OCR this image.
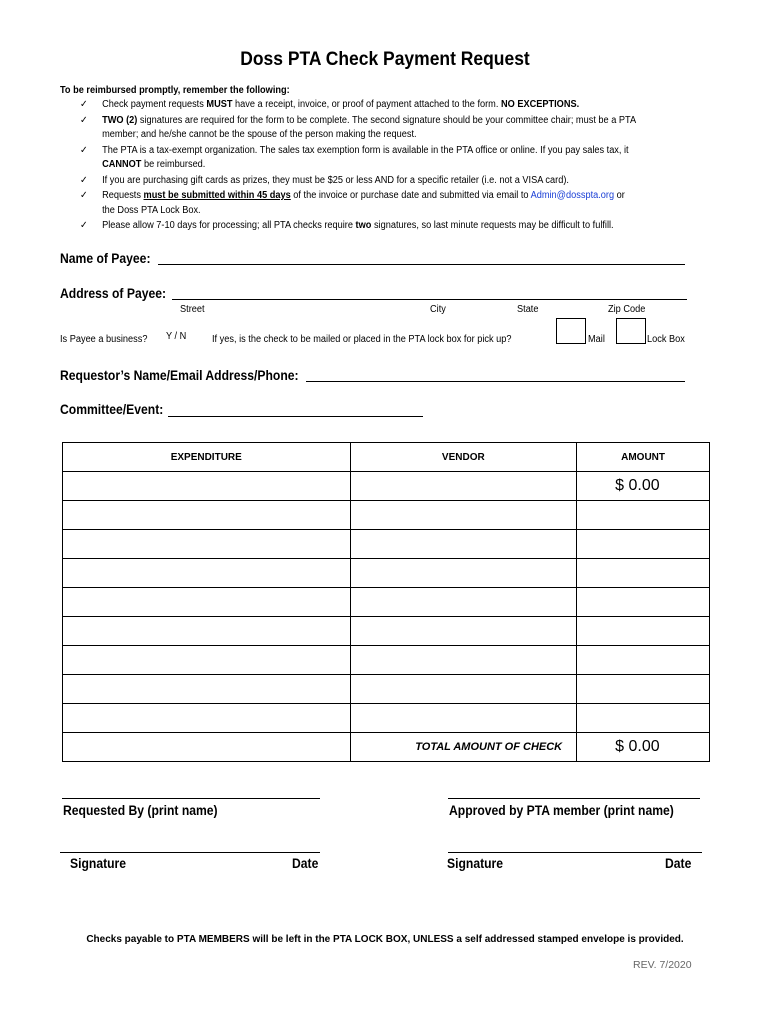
Doss PTA Check Payment Request
To be reimbursed promptly, remember the following:
✓ Check payment requests MUST have a receipt, invoice, or proof of payment attached to the form. NO EXCEPTIONS.
✓ TWO (2) signatures are required for the form to be complete. The second signature should be your committee chair; must be a PTA
member; and he/she cannot be the spouse of the person making the request.
✓ The PTA is a tax-exempt organization. The sales tax exemption form is available in the PTA office or online. If you pay sales tax, it
CANNOT be reimbursed.
✓ If you are purchasing gift cards as prizes, they must be $25 or less AND for a specific retailer (i.e. not a VISA card).
✓ Requests must be submitted within 45 days of the invoice or purchase date and submitted via email to Admin@dosspta.org or
the Doss PTA Lock Box.
✓ Please allow 7-10 days for processing; all PTA checks require two signatures, so last minute requests may be difficult to fulfill.
Name of Payee:
Address of Payee:
Street	City	State	Zip Code
Is Payee a business? Y / N	If yes, is the check to be mailed or placed in the PTA lock box for pick up?	Mail	Lock Box
Requestor’s Name/Email Address/Phone:
Committee/Event:
EXPENDITURE	VENDOR	AMOUNT
		$ 0.00

	TOTAL AMOUNT OF CHECK	$ 0.00
Requested By (print name)	Approved by PTA member (print name)
Signature	Date	Signature	Date
Checks payable to PTA MEMBERS will be left in the PTA LOCK BOX, UNLESS a self addressed stamped envelope is provided.
REV. 7/2020
